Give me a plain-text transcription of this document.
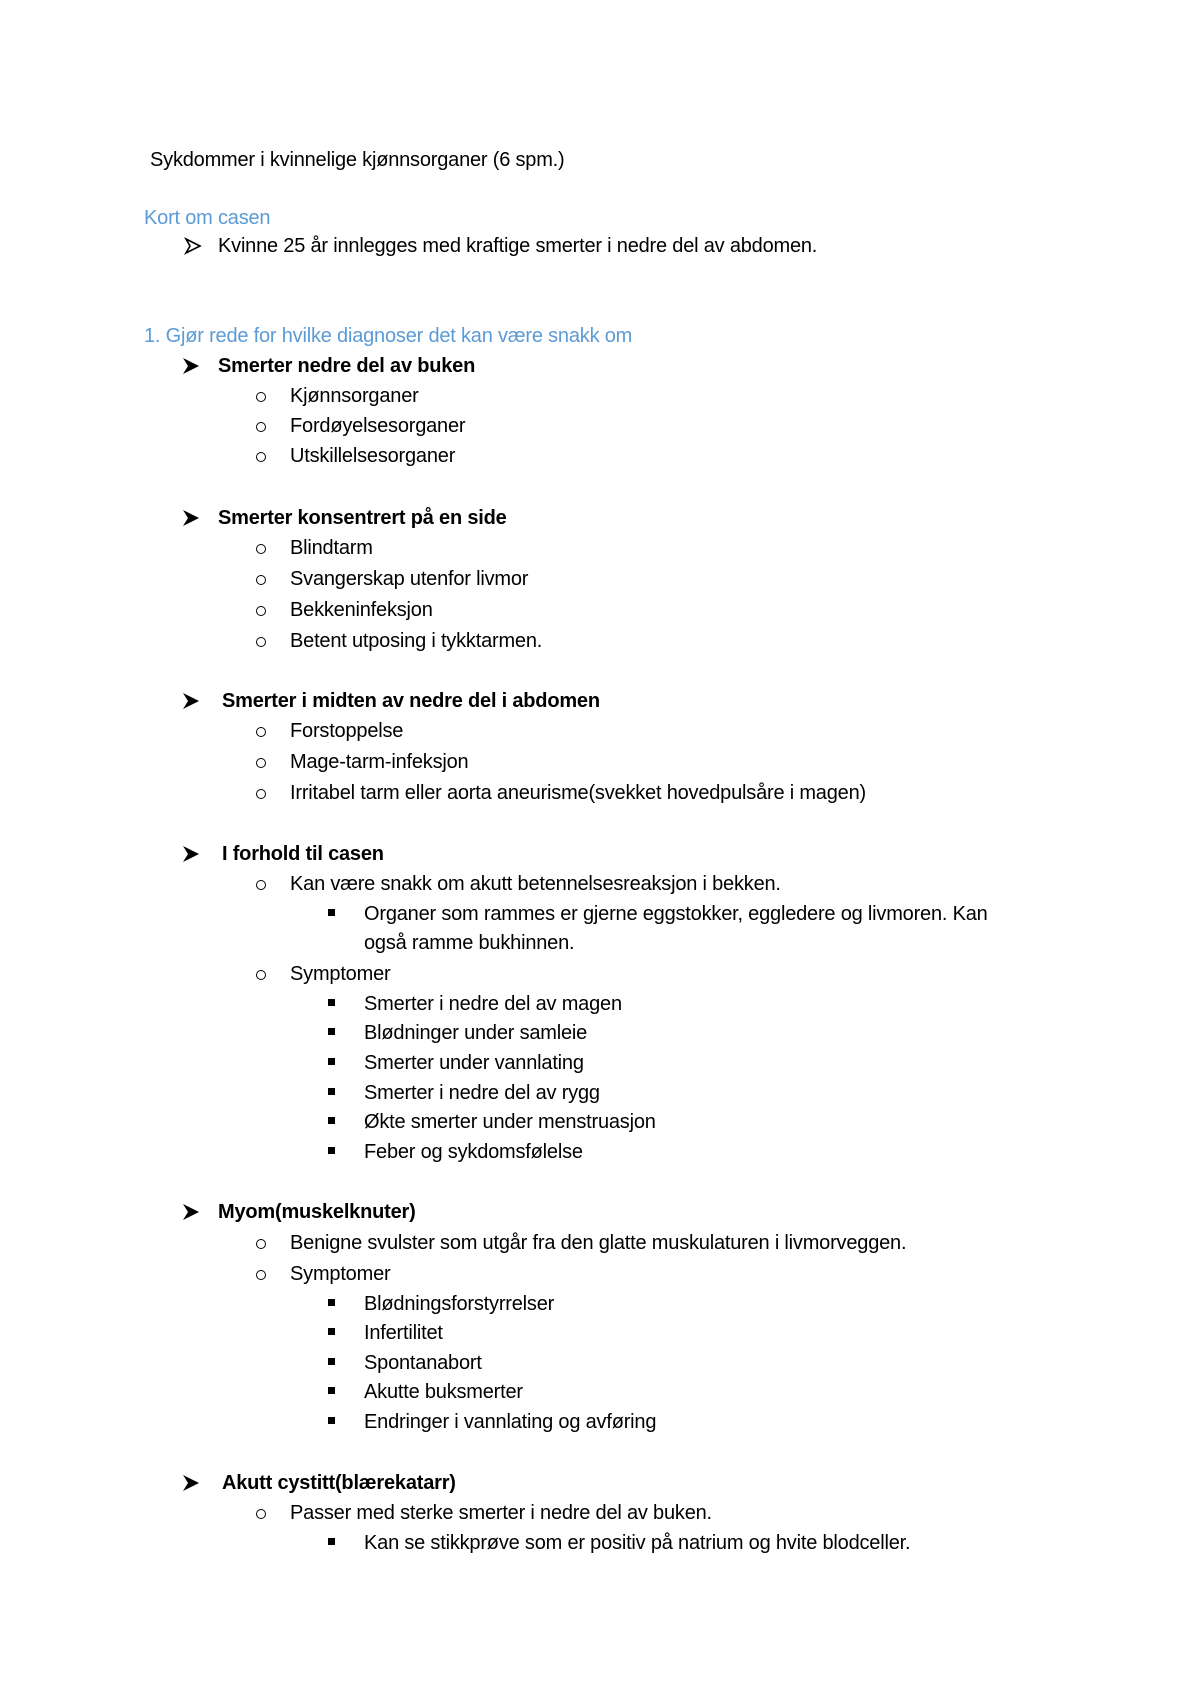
Sykdommer i kvinnelige kjønnsorganer (6 spm.)
Kort om casen
Kvinne 25 år innlegges med kraftige smerter i nedre del av abdomen.
1. Gjør rede for hvilke diagnoser det kan være snakk om
Smerter nedre del av buken
Kjønnsorganer
Fordøyelsesorganer
Utskillelsesorganer
Smerter konsentrert på en side
Blindtarm
Svangerskap utenfor livmor
Bekkeninfeksjon
Betent utposing i tykktarmen.
Smerter i midten av nedre del i abdomen
Forstoppelse
Mage-tarm-infeksjon
Irritabel tarm eller aorta aneurisme(svekket hovedpulsåre i magen)
I forhold til casen
Kan være snakk om akutt betennelsesreaksjon i bekken.
Organer som rammes er gjerne eggstokker, eggledere og livmoren. Kan
også ramme bukhinnen.
Symptomer
Smerter i nedre del av magen
Blødninger under samleie
Smerter under vannlating
Smerter i nedre del av rygg
Økte smerter under menstruasjon
Feber og sykdomsfølelse
Myom(muskelknuter)
Benigne svulster som utgår fra den glatte muskulaturen i livmorveggen.
Symptomer
Blødningsforstyrrelser
Infertilitet
Spontanabort
Akutte buksmerter
Endringer i vannlating og avføring
Akutt cystitt(blærekatarr)
Passer med sterke smerter i nedre del av buken.
Kan se stikkprøve som er positiv på natrium og hvite blodceller.
